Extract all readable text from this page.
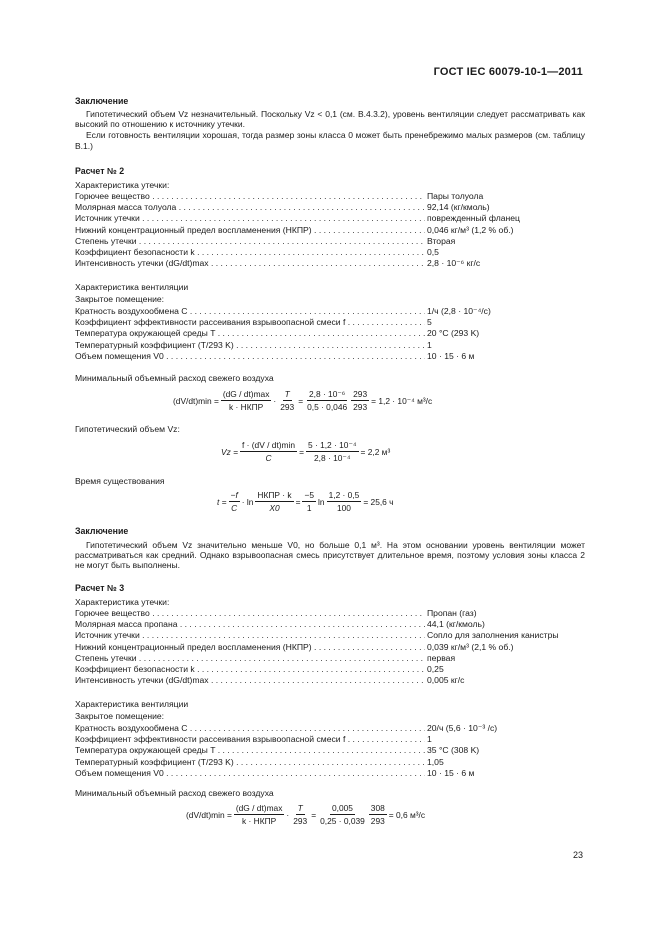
ГОСТ IEC 60079-10-1—2011
Заключение

Гипотетический объем Vz незначительный. Поскольку Vz < 0,1 (см. В.4.3.2), уровень вентиляции следует рассматривать как высокий по отношению к источнику утечки.

Если готовность вентиляции хорошая, тогда размер зоны класса 0 может быть пренебрежимо малых размеров (см. таблицу В.1.)

Расчет № 2
Характеристика утечки:
Горючее вещество . . .	Пары толуола
Молярная масса толуола . . .	92,14 (кг/кмоль)
Источник утечки . . .	поврежденный фланец
Нижний концентрационный предел воспламенения (НКПР) . . .	0,046 кг/м³ (1,2 % об.)
Степень утечки . . .	Вторая
Коэффициент безопасности k . . .	0,5
Интенсивность утечки (dG/dt)max . . .	2,8 · 10⁻⁶ кг/с
Характеристика вентиляции
Закрытое помещение:
Кратность воздухообмена C . . .	1/ч (2,8 · 10⁻⁴/с)
Коэффициент эффективности рассеивания взрывоопасной смеси f . . .	5
Температура окружающей среды T . . .	20 °C (293 K)
Температурный коэффициент (T/293 K) . . .	1
Объем помещения V0 . . .	10 · 15 · 6 м
Минимальный объемный расход свежего воздуха
$(dV/dt)\min = \frac{(dG / dt)\max}{\text{k · НКПР}} \cdot \frac{T}{293} = \frac{\text{2,8 · 10⁻⁶}}{0,5 \cdot 0,046} \frac{293}{293} = 1,2 \cdot 10^{-4}$ м³/с
Гипотетический объем Vz:
$Vz = \frac{f \cdot (dV / dt)\min}{C} = \frac{\text{5 · 1,2 · 10⁻⁴}}{\text{2,8 · 10⁻⁴}} = 2,2$ м³
Время существования
$t = \frac{-f}{C} \cdot \ln \frac{\text{НКПР · k}}{X0} = \frac{-5}{1}$ $\ln \frac{1,2 \cdot 0,5}{100} = 25,6$ ч
Заключение

Гипотетический объем Vz значительно меньше V0, но больше 0,1 м³. На этом основании уровень вентиляции может рассматриваться как средний. Однако взрывоопасная смесь присутствует длительное время, поэтому условия зоны класса 2 не могут быть выполнены.

Расчет № 3
Характеристика утечки:
Горючее вещество . . .	Пропан (газ)
Молярная масса пропана . . .	44,1 (кг/кмоль)
Источник утечки . . .	Сопло для заполнения канистры
Нижний концентрационный предел воспламенения (НКПР) . . .	0,039 кг/м³ (2,1 % об.)
Степень утечки . . .	первая
Коэффициент безопасности k . . .	0,25
Интенсивность утечки (dG/dt)max . . .	0,005 кг/с
Характеристика вентиляции
Закрытое помещение:
Кратность воздухообмена C . . .	20/ч (5,6 · 10⁻³ /с)
Коэффициент эффективности рассеивания взрывоопасной смеси f . . .	1
Температура окружающей среды T . . .	35 °C (308 K)
Температурный коэффициент (T/293 K) . . .	1,05
Объем помещения V0 . . .	10 · 15 · 6 м
Минимальный объемный расход свежего воздуха
$(dV/dt)\min = \frac{(dG / dt)\max}{\text{k · НКПР}} \cdot \frac{T}{293} = \frac{0,005}{0,25 \cdot 0,039} \frac{308}{293} = 0,6$ м³/с
23
